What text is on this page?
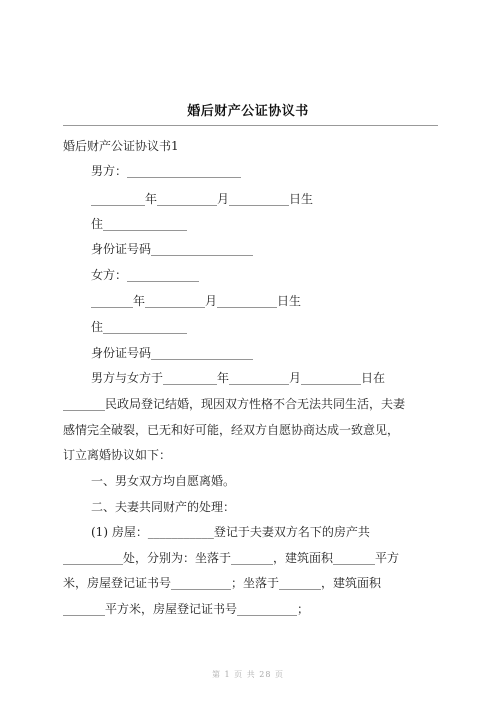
婚后财产公证协议书
婚后财产公证协议书1
男方：___________________
_________年__________月__________日生
住______________
身份证号码_________________
女方：____________
_______年__________月__________日生
住______________
身份证号码_________________
男方与女方于_________年__________月__________日在
_______民政局登记结婚，现因双方性格不合无法共同生活，夫妻
感情完全破裂，已无和好可能，经双方自愿协商达成一致意见，
订立离婚协议如下：
一、男女双方均自愿离婚。
二、夫妻共同财产的处理：
(1) 房屋：___________登记于夫妻双方名下的房产共
__________处，分别为：坐落于_______，建筑面积_______平方
米，房屋登记证书号__________；坐落于_______，建筑面积
_______平方米，房屋登记证书号__________；
第 1 页 共 28 页
